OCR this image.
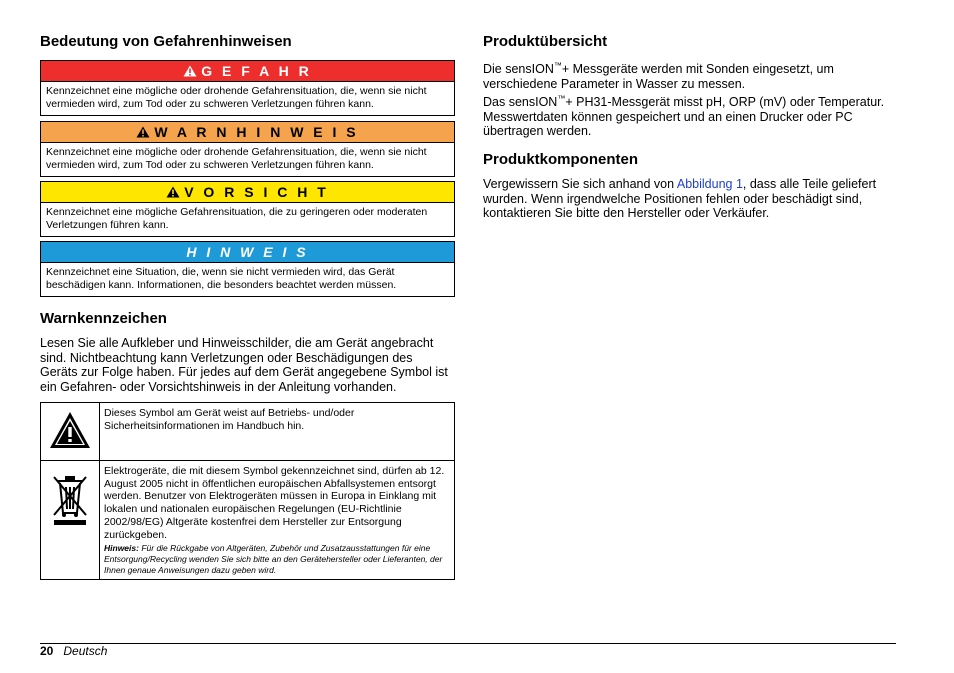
Bedeutung von Gefahrenhinweisen
G E F A H R
Kennzeichnet eine mögliche oder drohende Gefahrensituation, die, wenn sie nicht vermieden wird, zum Tod oder zu schweren Verletzungen führen kann.
W A R N H I N W E I S
Kennzeichnet eine mögliche oder drohende Gefahrensituation, die, wenn sie nicht vermieden wird, zum Tod oder zu schweren Verletzungen führen kann.
V O R S I C H T
Kennzeichnet eine mögliche Gefahrensituation, die zu geringeren oder moderaten Verletzungen führen kann.
H I N W E I S
Kennzeichnet eine Situation, die, wenn sie nicht vermieden wird, das Gerät beschädigen kann. Informationen, die besonders beachtet werden müssen.
Warnkennzeichen

Lesen Sie alle Aufkleber und Hinweisschilder, die am Gerät angebracht sind. Nichtbeachtung kann Verletzungen oder Beschädigungen des Geräts zur Folge haben. Für jedes auf dem Gerät angegebene Symbol ist ein Gefahren- oder Vorsichtshinweis in der Anleitung vorhanden.

	Dieses Symbol am Gerät weist auf Betriebs- und/oder Sicherheitsinformationen im Handbuch hin.

Elektrogeräte, die mit diesem Symbol gekennzeichnet sind, dürfen ab 12. August 2005 nicht in öffentlichen europäischen Abfallsystemen entsorgt werden. Benutzer von Elektrogeräten müssen in Europa in Einklang mit lokalen und nationalen europäischen Regelungen (EU-Richtlinie 2002/98/EG) Altgeräte kostenfrei dem Hersteller zur Entsorgung zurückgeben.
Hinweis: Für die Rückgabe von Altgeräten, Zubehör und Zusatzausstattungen für eine Entsorgung/Recycling wenden Sie sich bitte an den Gerätehersteller oder Lieferanten, der Ihnen genaue Anweisungen dazu geben wird.
Produktübersicht

Die sensION™+ Messgeräte werden mit Sonden eingesetzt, um verschiedene Parameter in Wasser zu messen.

Das sensION™+ PH31-Messgerät misst pH, ORP (mV) oder Temperatur. Messwertdaten können gespeichert und an einen Drucker oder PC übertragen werden.

Produktkomponenten

Vergewissern Sie sich anhand von Abbildung 1, dass alle Teile geliefert wurden. Wenn irgendwelche Positionen fehlen oder beschädigt sind, kontaktieren Sie bitte den Hersteller oder Verkäufer.

20 Deutsch
